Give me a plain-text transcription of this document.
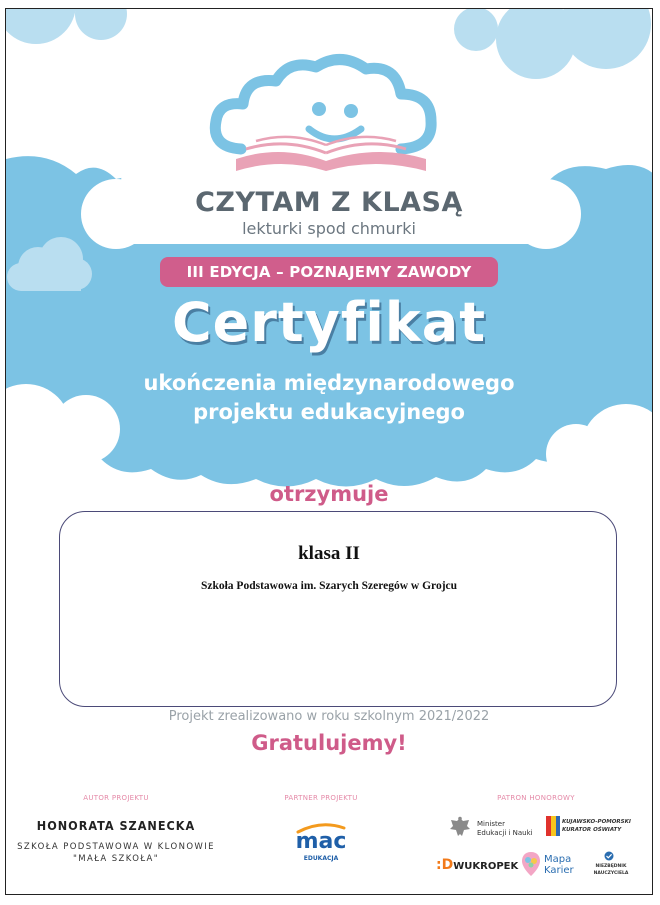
CZYTAM Z KLASĄ
lekturki spod chmurki
III EDYCJA – POZNAJEMY ZAWODY
Certyfikat
ukończenia międzynarodowego
projektu edukacyjnego
otrzymuje
klasa II
Szkoła Podstawowa im. Szarych Szeregów w Grojcu
Projekt zrealizowano w roku szkolnym 2021/2022
Gratulujemy!
AUTOR PROJEKTU
HONORATA SZANECKA
SZKOŁA PODSTAWOWA W KLONOWIE
"MAŁA SZKOŁA"
PARTNER PROJEKTU
mac
EDUKACJA
PATRON HONOROWY
Minister
Edukacji i Nauki
KUJAWSKO-POMORSKI
KURATOR OŚWIATY
:DWUKROPEK
Mapa
Karier	NIEZBĘDNIK
NAUCZYCIELA
